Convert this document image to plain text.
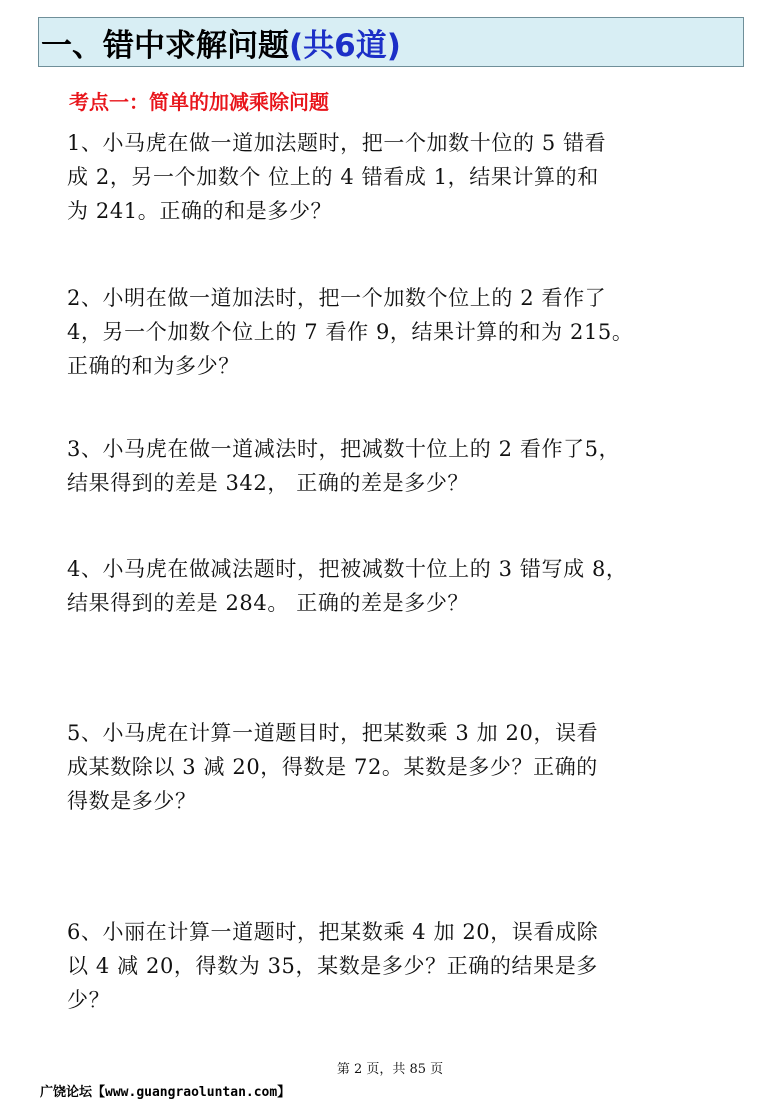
一、错中求解问题(共6道)
考点一：简单的加减乘除问题
1、小马虎在做一道加法题时，把一个加数十位的 5 错看
成 2，另一个加数个 位上的 4 错看成 1，结果计算的和
为 241。正确的和是多少？
2、小明在做一道加法时，把一个加数个位上的 2 看作了
4，另一个加数个位上的 7 看作 9，结果计算的和为 215。
正确的和为多少？
3、小马虎在做一道减法时，把减数十位上的 2 看作了5，
结果得到的差是 342， 正确的差是多少？
4、小马虎在做减法题时，把被减数十位上的 3 错写成 8，
结果得到的差是 284。 正确的差是多少？
5、小马虎在计算一道题目时，把某数乘 3 加 20，误看
成某数除以 3 减 20，得数是 72。某数是多少？正确的
得数是多少？
6、小丽在计算一道题时，把某数乘 4 加 20，误看成除
以 4 减 20，得数为 35，某数是多少？正确的结果是多
少？
第 2 页，共 85 页
广饶论坛【www.guangraoluntan.com】
